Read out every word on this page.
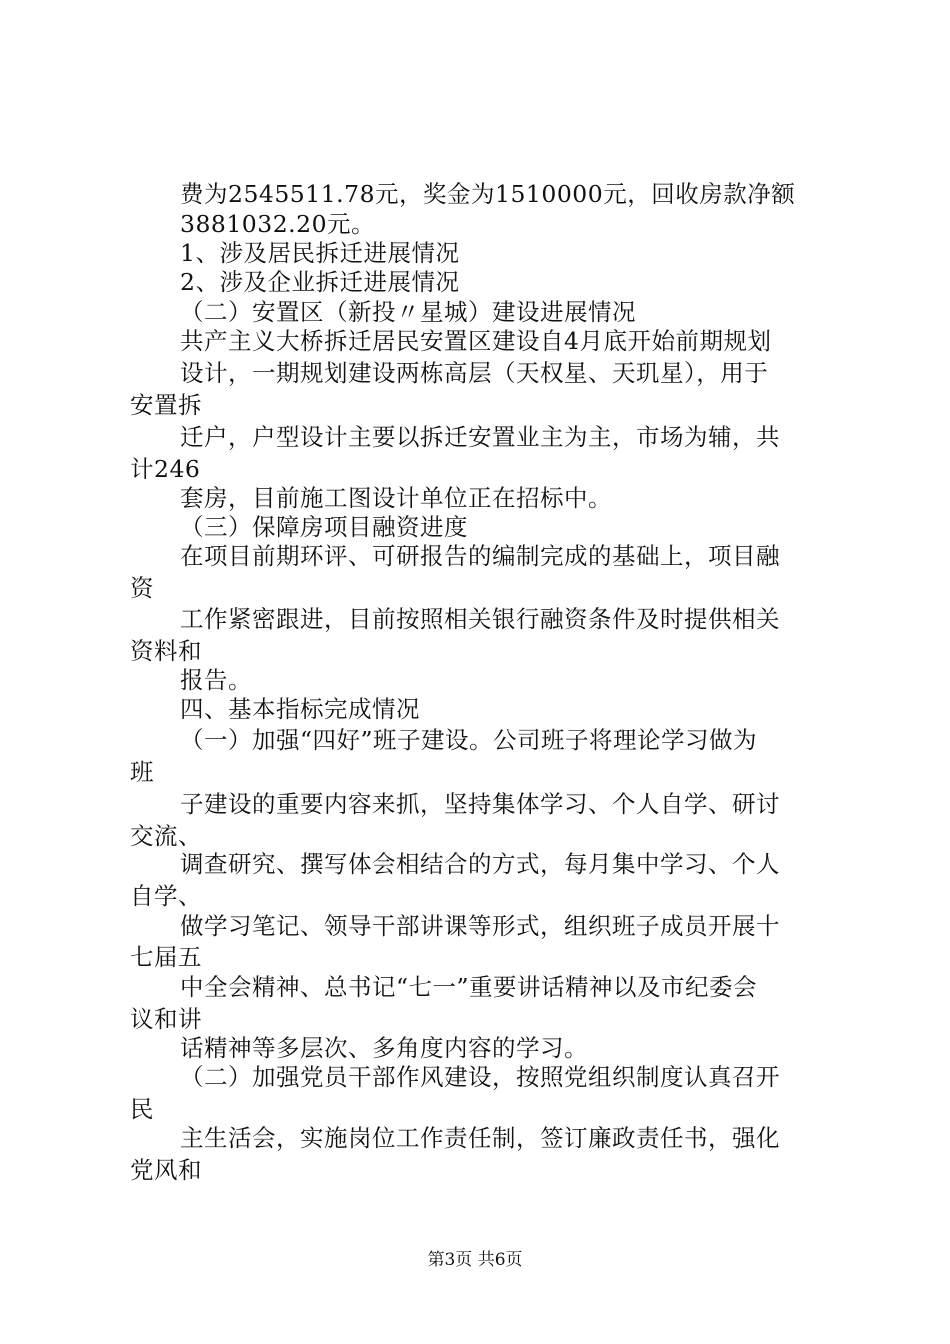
费为2545511.78元，奖金为1510000元，回收房款净额
3881032.20元。
1、涉及居民拆迁进展情况
2、涉及企业拆迁进展情况
（二）安置区（新投〃星城）建设进展情况
共产主义大桥拆迁居民安置区建设自4月底开始前期规划
设计，一期规划建设两栋高层（天权星、天玑星），用于
安置拆
迁户，户型设计主要以拆迁安置业主为主，市场为辅，共
计246
套房，目前施工图设计单位正在招标中。
（三）保障房项目融资进度
在项目前期环评、可研报告的编制完成的基础上，项目融
资
工作紧密跟进，目前按照相关银行融资条件及时提供相关
资料和
报告。
四、基本指标完成情况
（一）加强“四好”班子建设。公司班子将理论学习做为
班
子建设的重要内容来抓，坚持集体学习、个人自学、研讨
交流、
调查研究、撰写体会相结合的方式，每月集中学习、个人
自学、
做学习笔记、领导干部讲课等形式，组织班子成员开展十
七届五
中全会精神、总书记“七一”重要讲话精神以及市纪委会
议和讲
话精神等多层次、多角度内容的学习。
（二）加强党员干部作风建设，按照党组织制度认真召开
民
主生活会，实施岗位工作责任制，签订廉政责任书，强化
党风和
第3页 共6页
